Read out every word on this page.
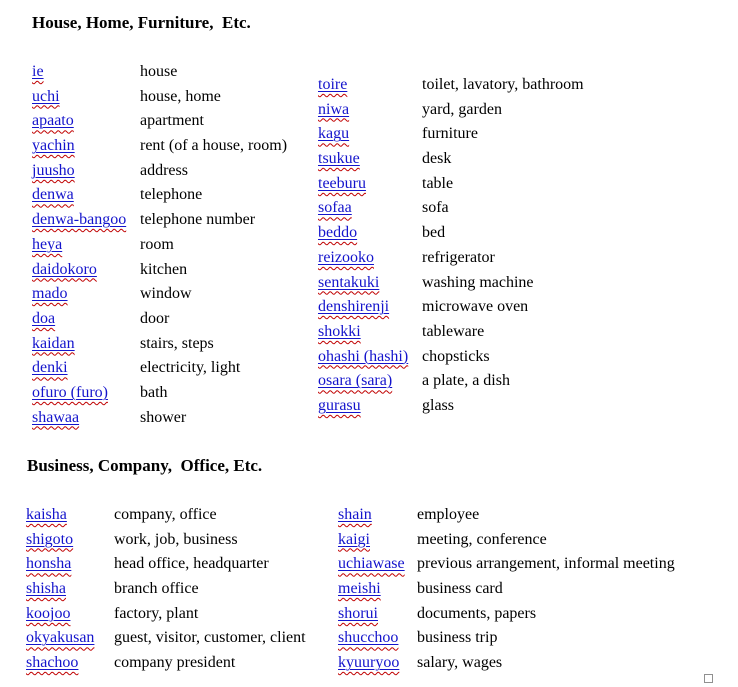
House, Home, Furniture,  Etc.
ie	house
uchi	house, home
apaato	apartment
yachin	rent (of a house, room)
juusho	address
denwa	telephone
denwa-bangoo telephone number
heya	room
daidokoro	kitchen
mado	window
doa	door
kaidan	stairs, steps
denki	electricity, light
ofuro (furo)	bath
shawaa	shower
toire	toilet, lavatory, bathroom
niwa	yard, garden
kagu	furniture
tsukue	desk
teeburu	table
sofaa	sofa
beddo	bed
reizooko	refrigerator
sentakuki	washing machine
denshirenji	microwave oven
shokki	tableware
ohashi (hashi) chopsticks
osara (sara)	a plate, a dish
gurasu	glass
Business, Company,  Office, Etc.
kaisha	company, office
shigoto	work, job, business
honsha	head office, headquarter
shisha	branch office
koojoo	factory, plant
okyakusan	guest, visitor, customer, client
shachoo	company president
shain	employee
kaigi	meeting, conference
uchiawase previous arrangement, informal meeting
meishi	business card
shorui	documents, papers
shucchoo	business trip
kyuuryoo	salary, wages
